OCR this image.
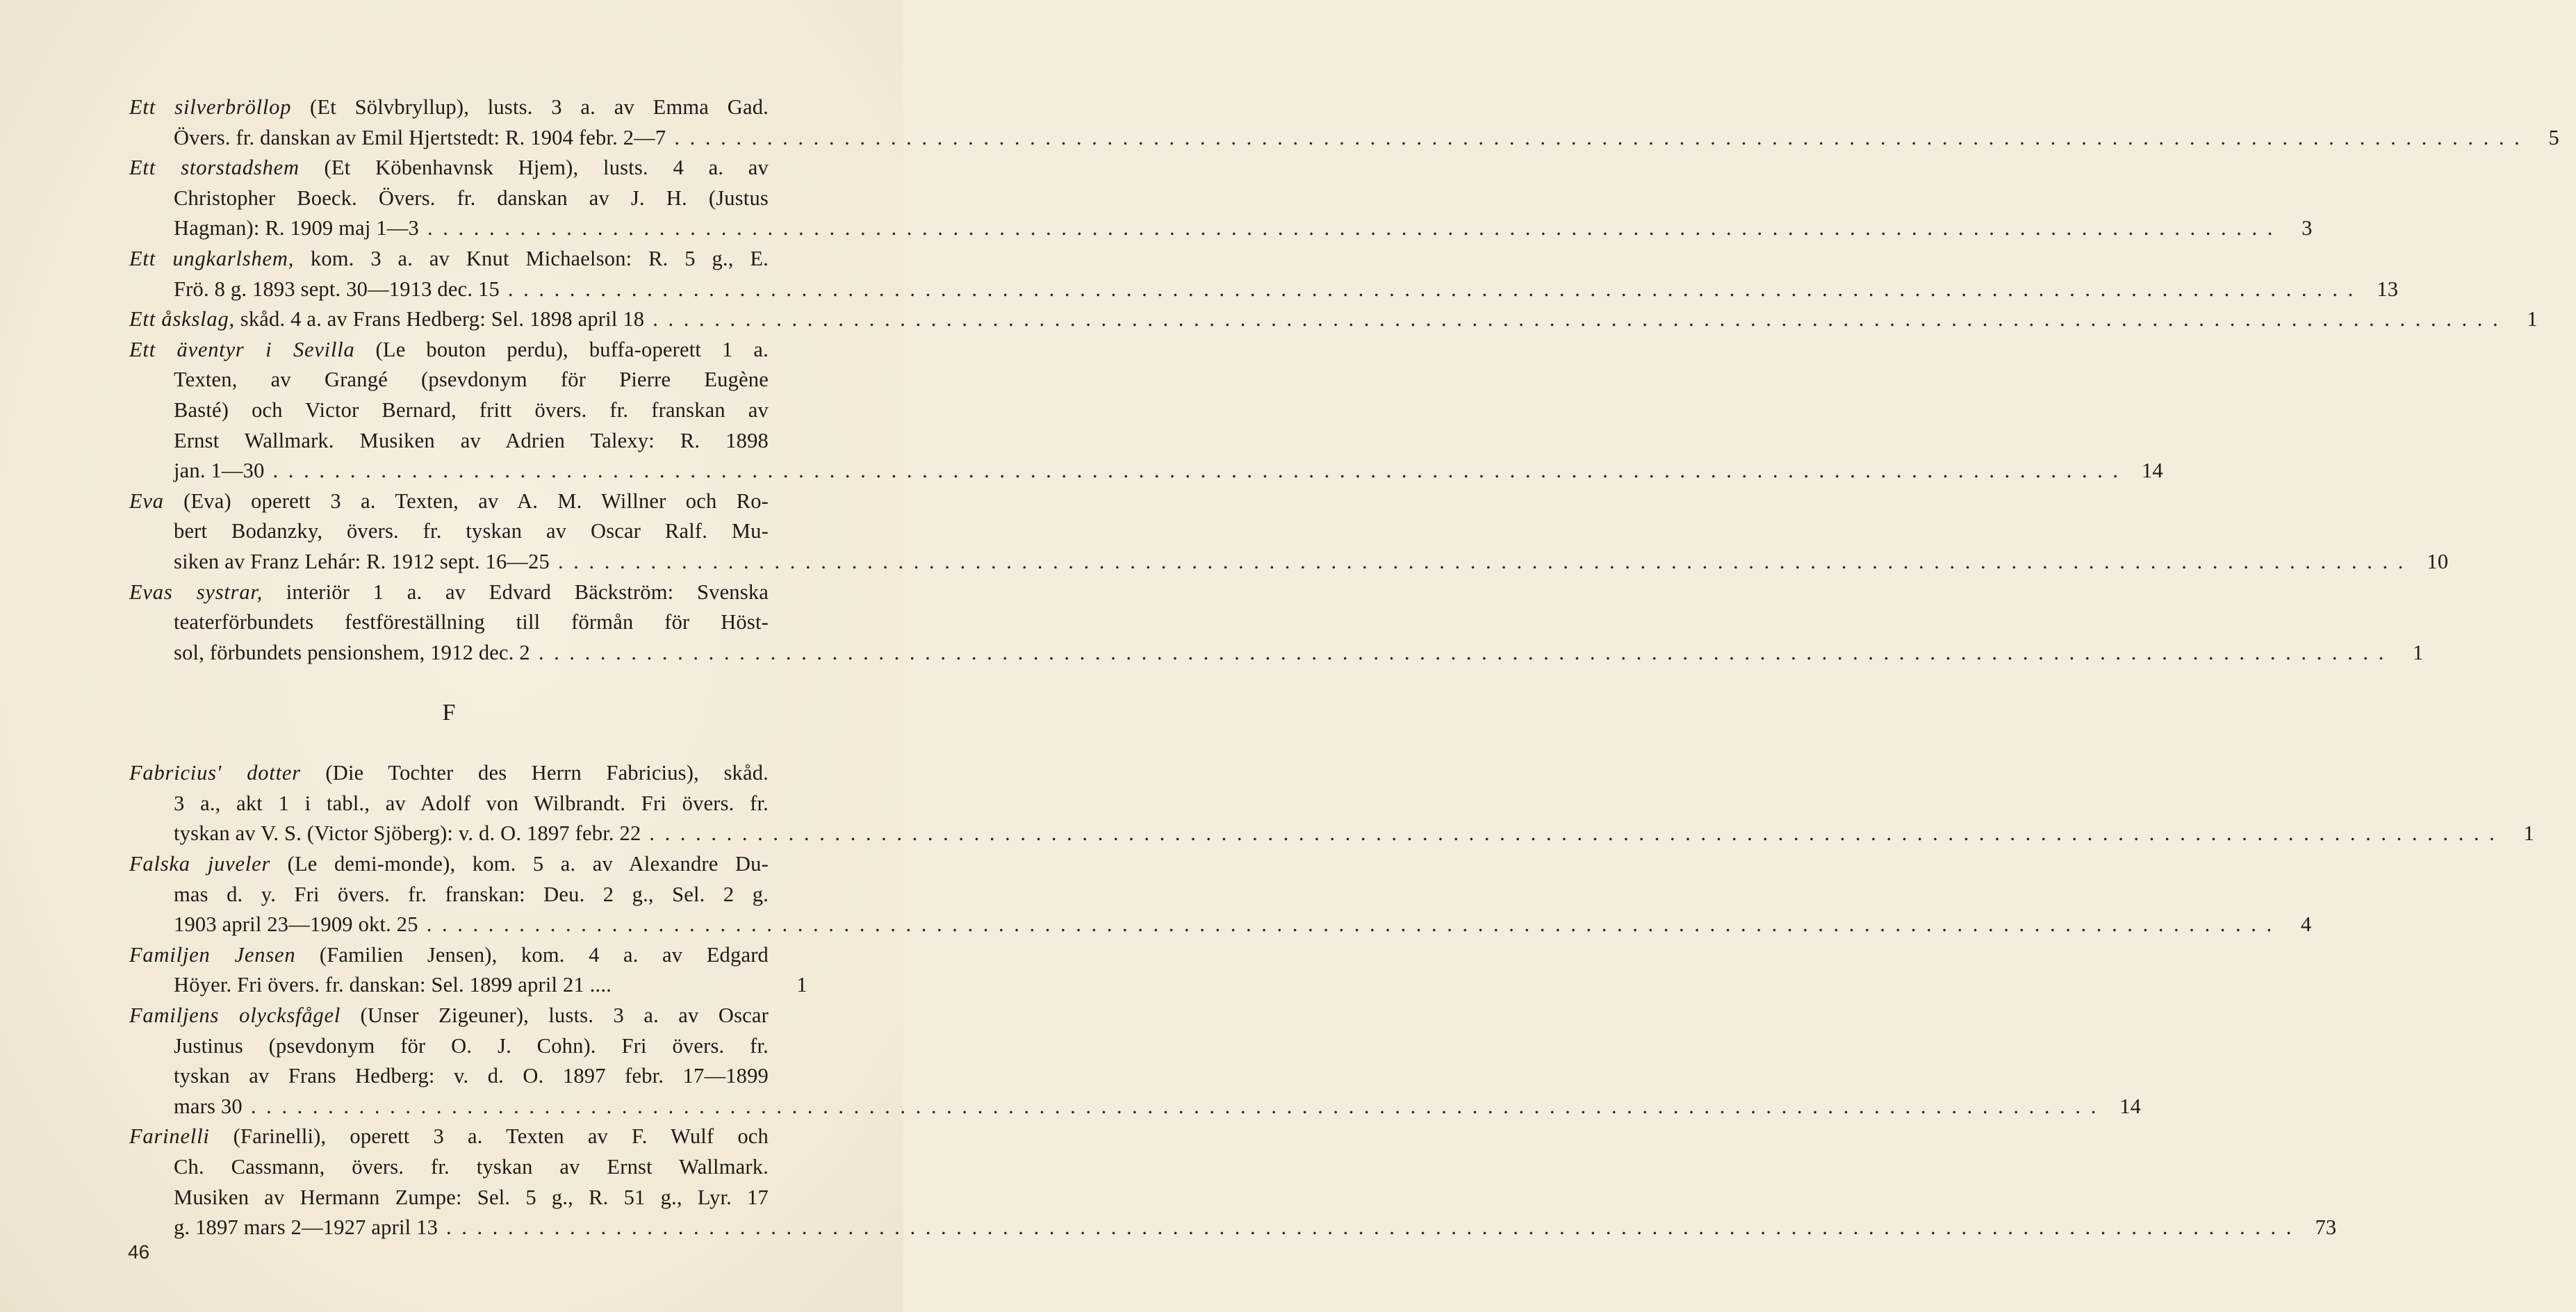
Ett silverbröllop (Et Sölvbryllup), lusts. 3 a. av Emma Gad.
Övers. fr. danskan av Emil Hjertstedt: R. 1904 febr. 2—7 . . . . . . . . . . . . . . . . . . . . . . . . . . . . . . . . . . . . . . . . . . . . . . . . . . . . . . . . . . . . . . . . . . . . . . . . . . . . . . . . . . . . . . . . . . . . . . . . . . . . . . . . . . . . . . . . . . . . . . . .	5
Ett storstadshem (Et Köbenhavnsk Hjem), lusts. 4 a. av
Christopher Boeck. Övers. fr. danskan av J. H. (Justus
Hagman): R. 1909 maj 1—3 . . . . . . . . . . . . . . . . . . . . . . . . . . . . . . . . . . . . . . . . . . . . . . . . . . . . . . . . . . . . . . . . . . . . . . . . . . . . . . . . . . . . . . . . . . . . . . . . . . . . . . . . . . . . . . . . . . . . . . . .	3
Ett ungkarlshem, kom. 3 a. av Knut Michaelson: R. 5 g., E.
Frö. 8 g. 1893 sept. 30—1913 dec. 15 . . . . . . . . . . . . . . . . . . . . . . . . . . . . . . . . . . . . . . . . . . . . . . . . . . . . . . . . . . . . . . . . . . . . . . . . . . . . . . . . . . . . . . . . . . . . . . . . . . . . . . . . . . . . . . . . . . . . . . . .	13
Ett åskslag, skåd. 4 a. av Frans Hedberg: Sel. 1898 april 18 . . . . . . . . . . . . . . . . . . . . . . . . . . . . . . . . . . . . . . . . . . . . . . . . . . . . . . . . . . . . . . . . . . . . . . . . . . . . . . . . . . . . . . . . . . . . . . . . . . . . . . . . . . . . . . . . . . . . . . . .	1
Ett äventyr i Sevilla (Le bouton perdu), buffa-operett 1 a.
Texten, av Grangé (psevdonym för Pierre Eugène
Basté) och Victor Bernard, fritt övers. fr. franskan av
Ernst Wallmark. Musiken av Adrien Talexy: R. 1898
jan. 1—30 . . . . . . . . . . . . . . . . . . . . . . . . . . . . . . . . . . . . . . . . . . . . . . . . . . . . . . . . . . . . . . . . . . . . . . . . . . . . . . . . . . . . . . . . . . . . . . . . . . . . . . . . . . . . . . . . . . . . . . . .	14
Eva (Eva) operett 3 a. Texten, av A. M. Willner och Ro-
bert Bodanzky, övers. fr. tyskan av Oscar Ralf. Mu-
siken av Franz Lehár: R. 1912 sept. 16—25 . . . . . . . . . . . . . . . . . . . . . . . . . . . . . . . . . . . . . . . . . . . . . . . . . . . . . . . . . . . . . . . . . . . . . . . . . . . . . . . . . . . . . . . . . . . . . . . . . . . . . . . . . . . . . . . . . . . . . . . .	10
Evas systrar, interiör 1 a. av Edvard Bäckström: Svenska
teaterförbundets festföreställning till förmån för Höst-
sol, förbundets pensionshem, 1912 dec. 2 . . . . . . . . . . . . . . . . . . . . . . . . . . . . . . . . . . . . . . . . . . . . . . . . . . . . . . . . . . . . . . . . . . . . . . . . . . . . . . . . . . . . . . . . . . . . . . . . . . . . . . . . . . . . . . . . . . . . . . . .	1
F
Fabricius' dotter (Die Tochter des Herrn Fabricius), skåd.
3 a., akt 1 i tabl., av Adolf von Wilbrandt. Fri övers. fr.
tyskan av V. S. (Victor Sjöberg): v. d. O. 1897 febr. 22 . . . . . . . . . . . . . . . . . . . . . . . . . . . . . . . . . . . . . . . . . . . . . . . . . . . . . . . . . . . . . . . . . . . . . . . . . . . . . . . . . . . . . . . . . . . . . . . . . . . . . . . . . . . . . . . . . . . . . . . .	1
Falska juveler (Le demi-monde), kom. 5 a. av Alexandre Du-
mas d. y. Fri övers. fr. franskan: Deu. 2 g., Sel. 2 g.
1903 april 23—1909 okt. 25 . . . . . . . . . . . . . . . . . . . . . . . . . . . . . . . . . . . . . . . . . . . . . . . . . . . . . . . . . . . . . . . . . . . . . . . . . . . . . . . . . . . . . . . . . . . . . . . . . . . . . . . . . . . . . . . . . . . . . . . .	4
Familjen Jensen (Familien Jensen), kom. 4 a. av Edgard
Höyer. Fri övers. fr. danskan: Sel. 1899 april 21 ....	1
Familjens olycksfågel (Unser Zigeuner), lusts. 3 a. av Oscar
Justinus (psevdonym för O. J. Cohn). Fri övers. fr.
tyskan av Frans Hedberg: v. d. O. 1897 febr. 17—1899
mars 30 . . . . . . . . . . . . . . . . . . . . . . . . . . . . . . . . . . . . . . . . . . . . . . . . . . . . . . . . . . . . . . . . . . . . . . . . . . . . . . . . . . . . . . . . . . . . . . . . . . . . . . . . . . . . . . . . . . . . . . . .	14
Farinelli (Farinelli), operett 3 a. Texten av F. Wulf och
Ch. Cassmann, övers. fr. tyskan av Ernst Wallmark.
Musiken av Hermann Zumpe: Sel. 5 g., R. 51 g., Lyr. 17
g. 1897 mars 2—1927 april 13 . . . . . . . . . . . . . . . . . . . . . . . . . . . . . . . . . . . . . . . . . . . . . . . . . . . . . . . . . . . . . . . . . . . . . . . . . . . . . . . . . . . . . . . . . . . . . . . . . . . . . . . . . . . . . . . . . . . . . . . .	73
46
